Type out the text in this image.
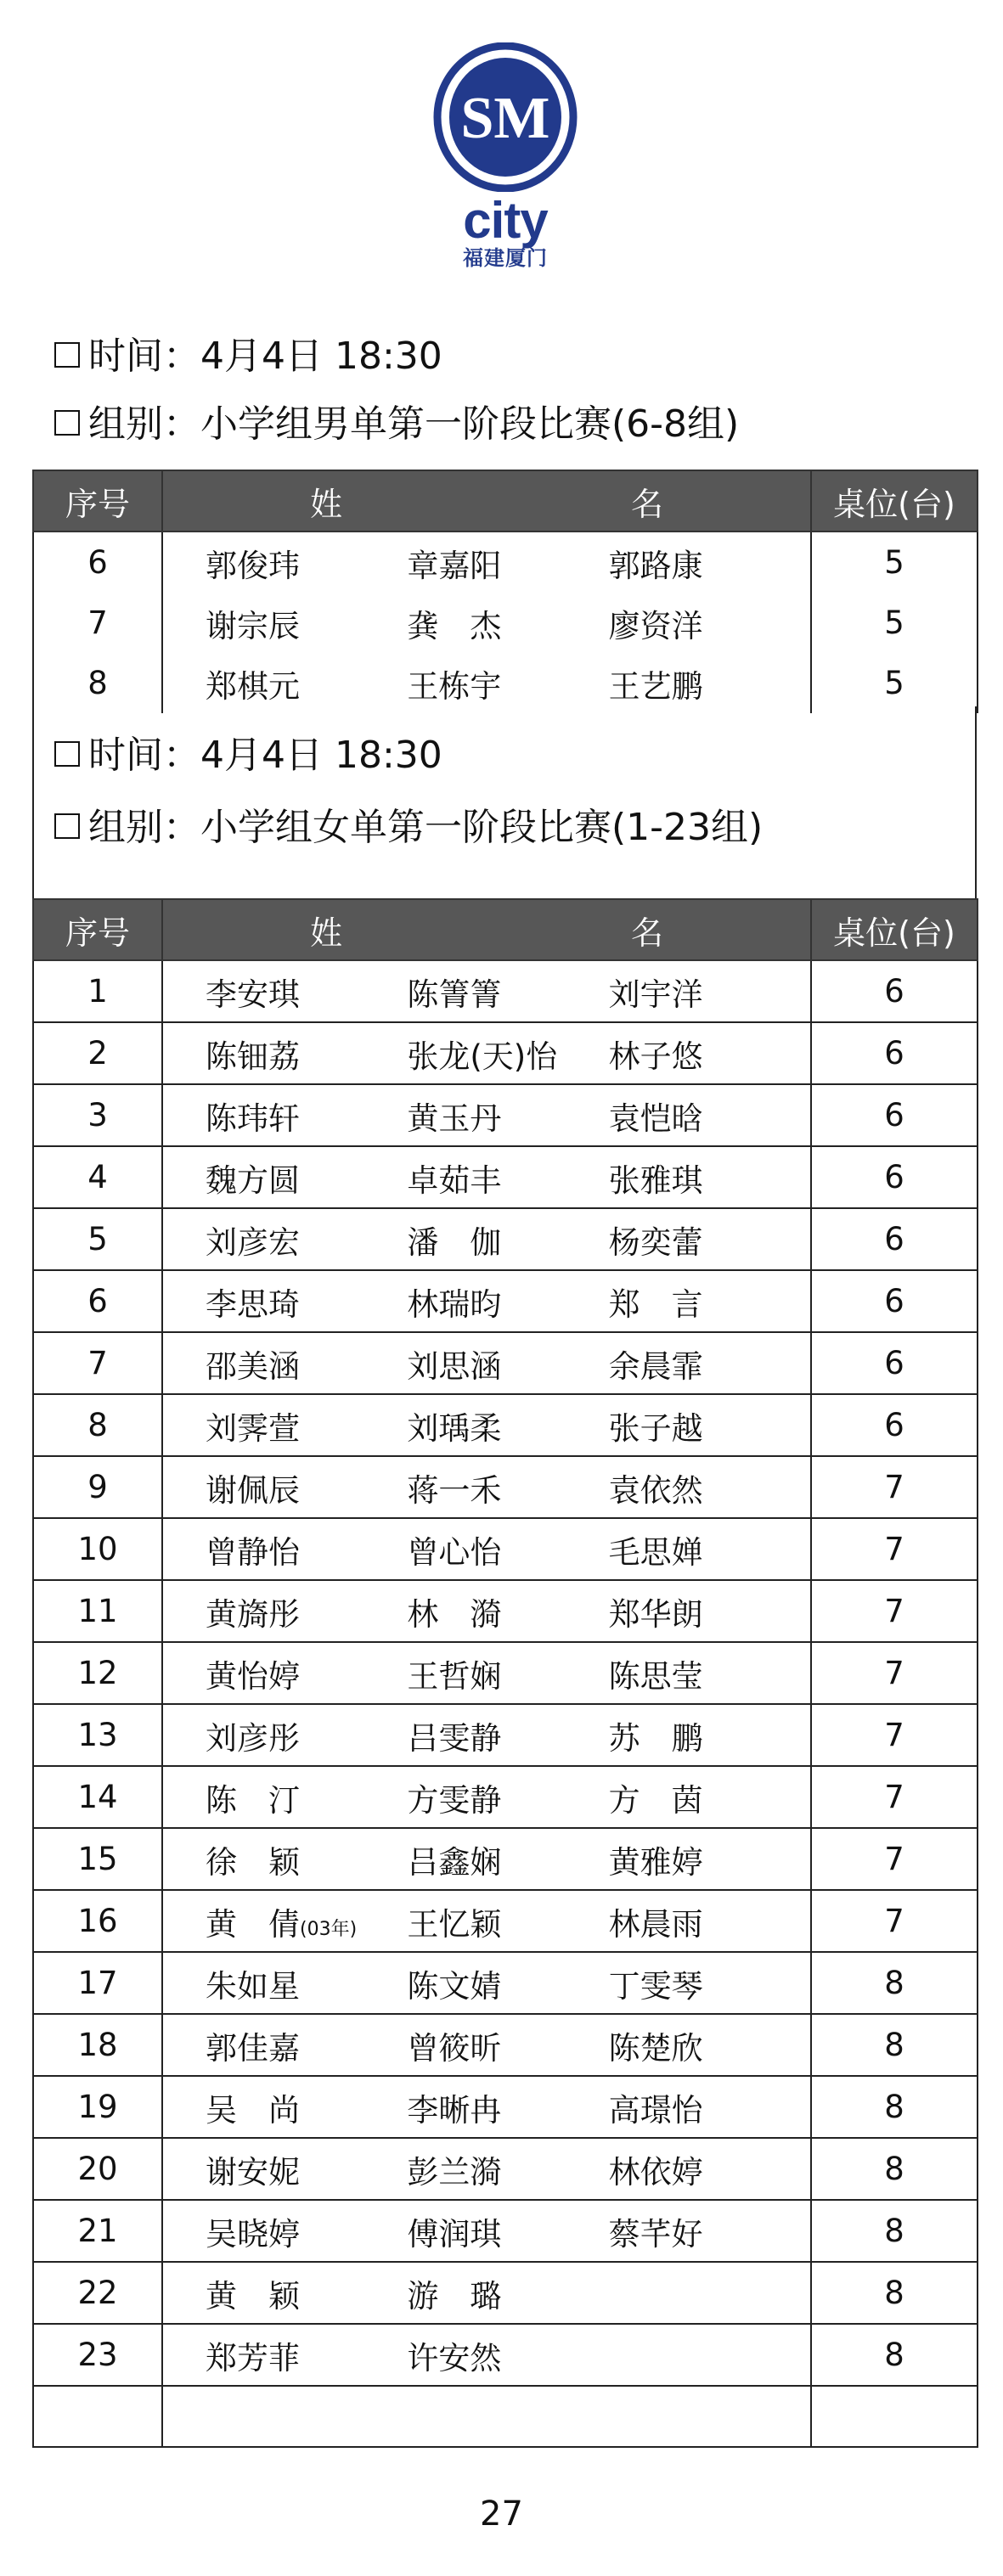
SM
city
福建厦门
时间：4月4日 18:30
组别：小学组男单第一阶段比赛(6-8组)
序号	姓 名	桌位(台)
6	郭俊玮 章嘉阳 郭路康	5
7	谢宗辰 龚　杰 廖资洋	5
8	郑棋元 王栋宇 王艺鹏	5
时间：4月4日 18:30
组别：小学组女单第一阶段比赛(1-23组)
序号	姓 名	桌位(台)
1	李安琪 陈箐箐 刘宇洋	6
2	陈钿荔 张龙(天)怡 林子悠	6
3	陈玮轩 黄玉丹 袁恺晗	6
4	魏方圆 卓茹丰 张雅琪	6
5	刘彦宏 潘　伽 杨奕蕾	6
6	李思琦 林瑞昀 郑　言	6
7	邵美涵 刘思涵 余晨霏	6
8	刘霁萱 刘瑀柔 张子越	6
9	谢佩辰 蒋一禾 袁依然	7
10	曾静怡 曾心怡 毛思婵	7
11	黄旖彤 林　漪 郑华朗	7
12	黄怡婷 王哲娴 陈思莹	7
13	刘彦彤 吕雯静 苏　鹏	7
14	陈　汀 方雯静 方　茵	7
15	徐　颖 吕鑫娴 黄雅婷	7
16	黄　倩(03年) 王忆颖 林晨雨	7
17	朱如星 陈文婧 丁雯琴	8
18	郭佳嘉 曾筱昕 陈楚欣	8
19	吴　尚 李晰冉 高璟怡	8
20	谢安妮 彭兰漪 林依婷	8
21	吴晓婷 傅润琪 蔡芊好	8
22	黄　颖 游　璐	8
23	郑芳菲 许安然	8

27
